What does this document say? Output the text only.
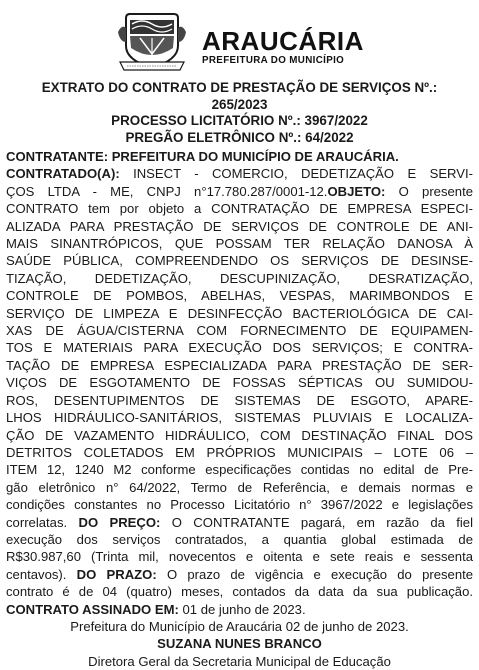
ARAUCÁRIA
PREFEITURA DO MUNICÍPIO
EXTRATO DO CONTRATO DE PRESTAÇÃO DE SERVIÇOS Nº.:
265/2023
PROCESSO LICITATÓRIO Nº.: 3967/2022
PREGÃO ELETRÔNICO Nº.: 64/2022
CONTRATANTE: PREFEITURA DO MUNICÍPIO DE ARAUCÁRIA.
CONTRATADO(A): INSECT - COMERCIO, DEDETIZAÇÃO E SERVI-
ÇOS LTDA - ME, CNPJ n°17.780.287/0001-12.OBJETO: O presente
CONTRATO tem por objeto a CONTRATAÇÃO DE EMPRESA ESPECI-
ALIZADA PARA PRESTAÇÃO DE SERVIÇOS DE CONTROLE DE ANI-
MAIS SINANTRÓPICOS, QUE POSSAM TER RELAÇÃO DANOSA À
SAÚDE PÚBLICA, COMPREENDENDO OS SERVIÇOS DE DESINSE-
TIZAÇÃO, DEDETIZAÇÃO, DESCUPINIZAÇÃO, DESRATIZAÇÃO,
CONTROLE DE POMBOS, ABELHAS, VESPAS, MARIMBONDOS E
SERVIÇO DE LIMPEZA E DESINFECÇÃO BACTERIOLÓGICA DE CAI-
XAS DE ÁGUA/CISTERNA COM FORNECIMENTO DE EQUIPAMEN-
TOS E MATERIAIS PARA EXECUÇÃO DOS SERVIÇOS; E CONTRA-
TAÇÃO DE EMPRESA ESPECIALIZADA PARA PRESTAÇÃO DE SER-
VIÇOS DE ESGOTAMENTO DE FOSSAS SÉPTICAS OU SUMIDOU-
ROS, DESENTUPIMENTOS DE SISTEMAS DE ESGOTO, APARE-
LHOS HIDRÁULICO-SANITÁRIOS, SISTEMAS PLUVIAIS E LOCALIZA-
ÇÃO DE VAZAMENTO HIDRÁULICO, COM DESTINAÇÃO FINAL DOS
DETRITOS COLETADOS EM PRÓPRIOS MUNICIPAIS – LOTE 06 –
ITEM 12, 1240 M2 conforme especificações contidas no edital de Pre-
gão eletrônico n° 64/2022, Termo de Referência, e demais normas e
condições constantes no Processo Licitatório n° 3967/2022 e legislações
correlatas. DO PREÇO: O CONTRATANTE pagará, em razão da fiel
execução dos serviços contratados, a quantia global estimada de
R$30.987,60 (Trinta mil, novecentos e oitenta e sete reais e sessenta
centavos). DO PRAZO: O prazo de vigência e execução do presente
contrato é de 04 (quatro) meses, contados da data da sua publicação.
CONTRATO ASSINADO EM: 01 de junho de 2023.
Prefeitura do Município de Araucária 02 de junho de 2023.
SUZANA NUNES BRANCO
Diretora Geral da Secretaria Municipal de Educação
